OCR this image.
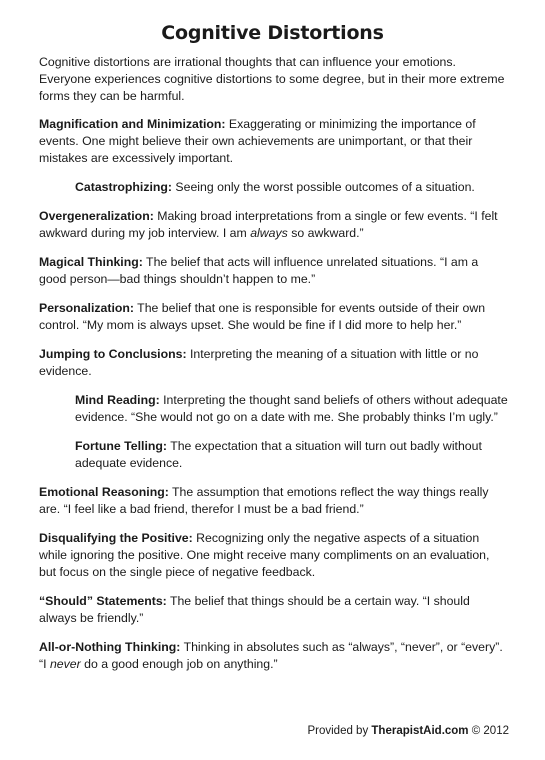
Cognitive Distortions

Cognitive distortions are irrational thoughts that can influence your emotions. Everyone experiences cognitive distortions to some degree, but in their more extreme forms they can be harmful.

Magnification and Minimization: Exaggerating or minimizing the importance of events. One might believe their own achievements are unimportant, or that their mistakes are excessively important.

Catastrophizing: Seeing only the worst possible outcomes of a situation.

Overgeneralization: Making broad interpretations from a single or few events. “I felt awkward during my job interview. I am always so awkward.”

Magical Thinking: The belief that acts will influence unrelated situations. “I am a good person—bad things shouldn’t happen to me.”

Personalization: The belief that one is responsible for events outside of their own control. “My mom is always upset. She would be fine if I did more to help her.”

Jumping to Conclusions: Interpreting the meaning of a situation with little or no evidence.

Mind Reading: Interpreting the thought sand beliefs of others without adequate evidence. “She would not go on a date with me. She probably thinks I’m ugly.”

Fortune Telling: The expectation that a situation will turn out badly without adequate evidence.

Emotional Reasoning: The assumption that emotions reflect the way things really are. “I feel like a bad friend, therefor I must be a bad friend.”

Disqualifying the Positive: Recognizing only the negative aspects of a situation while ignoring the positive. One might receive many compliments on an evaluation, but focus on the single piece of negative feedback.

“Should” Statements: The belief that things should be a certain way. “I should always be friendly.”

All-or-Nothing Thinking: Thinking in absolutes such as “always”, “never”, or “every”. “I never do a good enough job on anything.”

Provided by TherapistAid.com © 2012
